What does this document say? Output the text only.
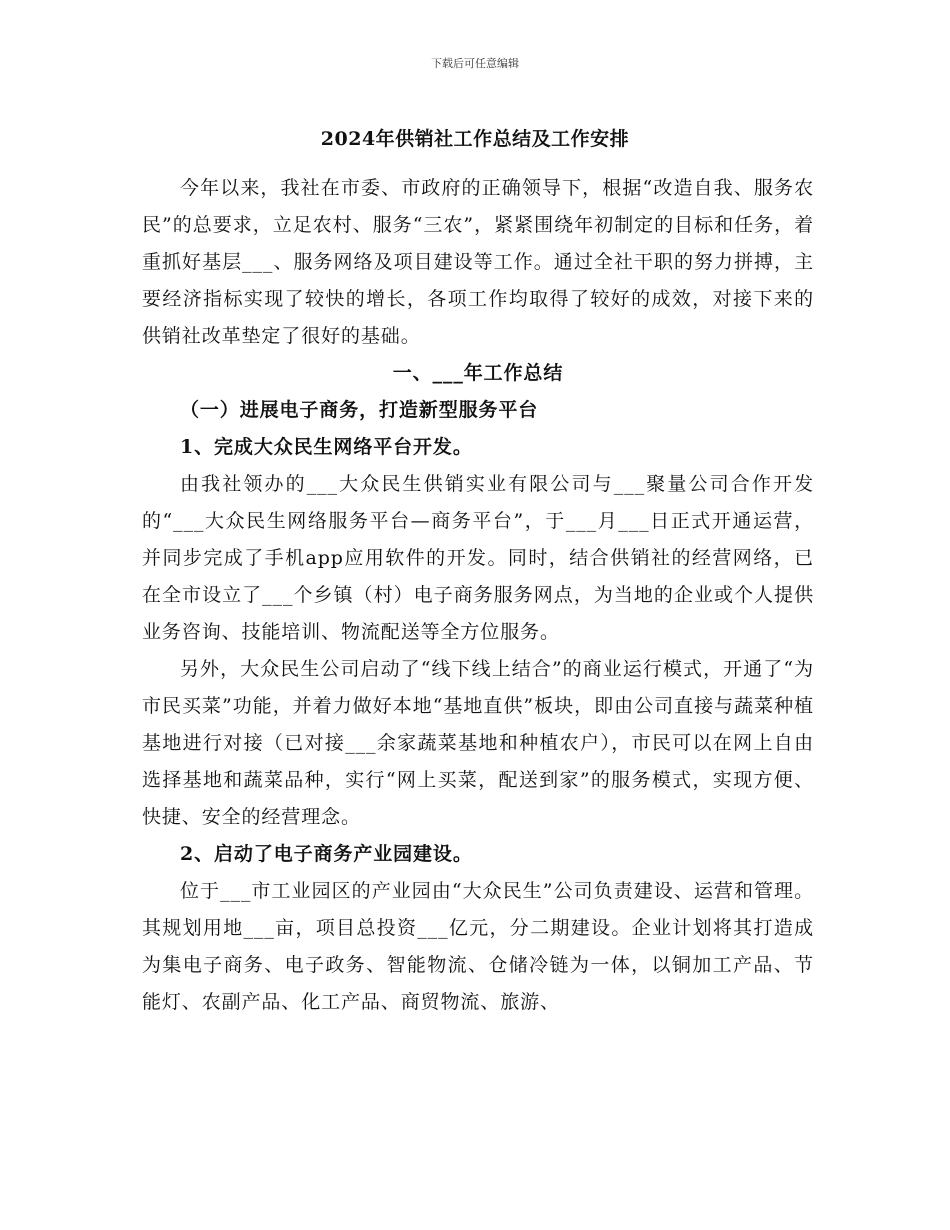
下载后可任意编辑
2024年供销社工作总结及工作安排

今年以来，我社在市委、市政府的正确领导下，根据“改造自我、服务农民”的总要求，立足农村、服务“三农”，紧紧围绕年初制定的目标和任务，着重抓好基层___、服务网络及项目建设等工作。通过全社干职的努力拼搏，主要经济指标实现了较快的增长，各项工作均取得了较好的成效，对接下来的供销社改革垫定了很好的基础。

一、___年工作总结

（一）进展电子商务，打造新型服务平台

1、完成大众民生网络平台开发。

由我社领办的___大众民生供销实业有限公司与___聚量公司合作开发的“___大众民生网络服务平台—商务平台”，于___月___日正式开通运营，并同步完成了手机app应用软件的开发。同时，结合供销社的经营网络，已在全市设立了___个乡镇（村）电子商务服务网点，为当地的企业或个人提供业务咨询、技能培训、物流配送等全方位服务。

另外，大众民生公司启动了“线下线上结合”的商业运行模式，开通了“为市民买菜”功能，并着力做好本地“基地直供”板块，即由公司直接与蔬菜种植基地进行对接（已对接___余家蔬菜基地和种植农户），市民可以在网上自由选择基地和蔬菜品种，实行“网上买菜，配送到家”的服务模式，实现方便、快捷、安全的经营理念。

2、启动了电子商务产业园建设。

位于___市工业园区的产业园由“大众民生”公司负责建设、运营和管理。其规划用地___亩，项目总投资___亿元，分二期建设。企业计划将其打造成为集电子商务、电子政务、智能物流、仓储冷链为一体，以铜加工产品、节能灯、农副产品、化工产品、商贸物流、旅游、
